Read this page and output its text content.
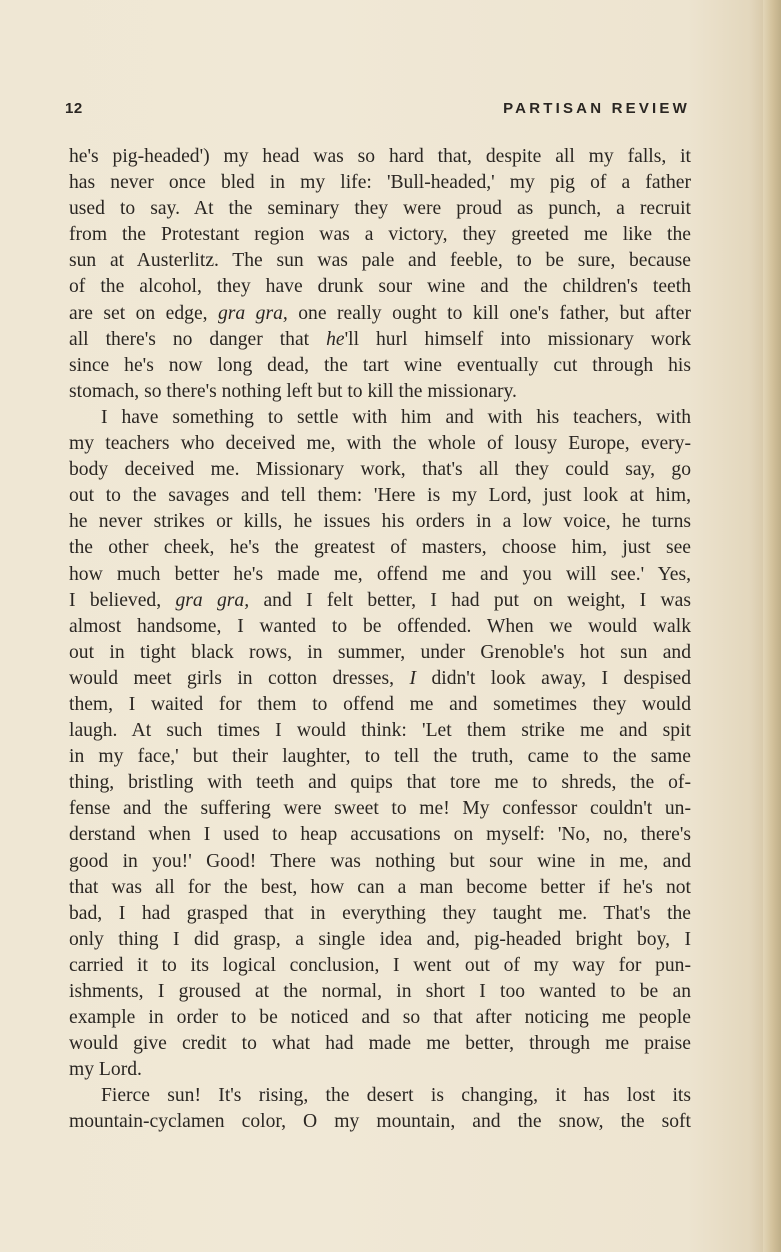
12	PARTISAN REVIEW

he's pig-headed') my head was so hard that, despite all my falls, it
has never once bled in my life: 'Bull-headed,' my pig of a father
used to say. At the seminary they were proud as punch, a recruit
from the Protestant region was a victory, they greeted me like the
sun at Austerlitz. The sun was pale and feeble, to be sure, because
of the alcohol, they have drunk sour wine and the children's teeth
are set on edge, gra gra, one really ought to kill one's father, but after
all there's no danger that he'll hurl himself into missionary work
since he's now long dead, the tart wine eventually cut through his
stomach, so there's nothing left but to kill the missionary.

I have something to settle with him and with his teachers, with
my teachers who deceived me, with the whole of lousy Europe, every-
body deceived me. Missionary work, that's all they could say, go
out to the savages and tell them: 'Here is my Lord, just look at him,
he never strikes or kills, he issues his orders in a low voice, he turns
the other cheek, he's the greatest of masters, choose him, just see
how much better he's made me, offend me and you will see.' Yes,
I believed, gra gra, and I felt better, I had put on weight, I was
almost handsome, I wanted to be offended. When we would walk
out in tight black rows, in summer, under Grenoble's hot sun and
would meet girls in cotton dresses, I didn't look away, I despised
them, I waited for them to offend me and sometimes they would
laugh. At such times I would think: 'Let them strike me and spit
in my face,' but their laughter, to tell the truth, came to the same
thing, bristling with teeth and quips that tore me to shreds, the of-
fense and the suffering were sweet to me! My confessor couldn't un-
derstand when I used to heap accusations on myself: 'No, no, there's
good in you!' Good! There was nothing but sour wine in me, and
that was all for the best, how can a man become better if he's not
bad, I had grasped that in everything they taught me. That's the
only thing I did grasp, a single idea and, pig-headed bright boy, I
carried it to its logical conclusion, I went out of my way for pun-
ishments, I groused at the normal, in short I too wanted to be an
example in order to be noticed and so that after noticing me people
would give credit to what had made me better, through me praise
my Lord.

Fierce sun! It's rising, the desert is changing, it has lost its
mountain-cyclamen color, O my mountain, and the snow, the soft
